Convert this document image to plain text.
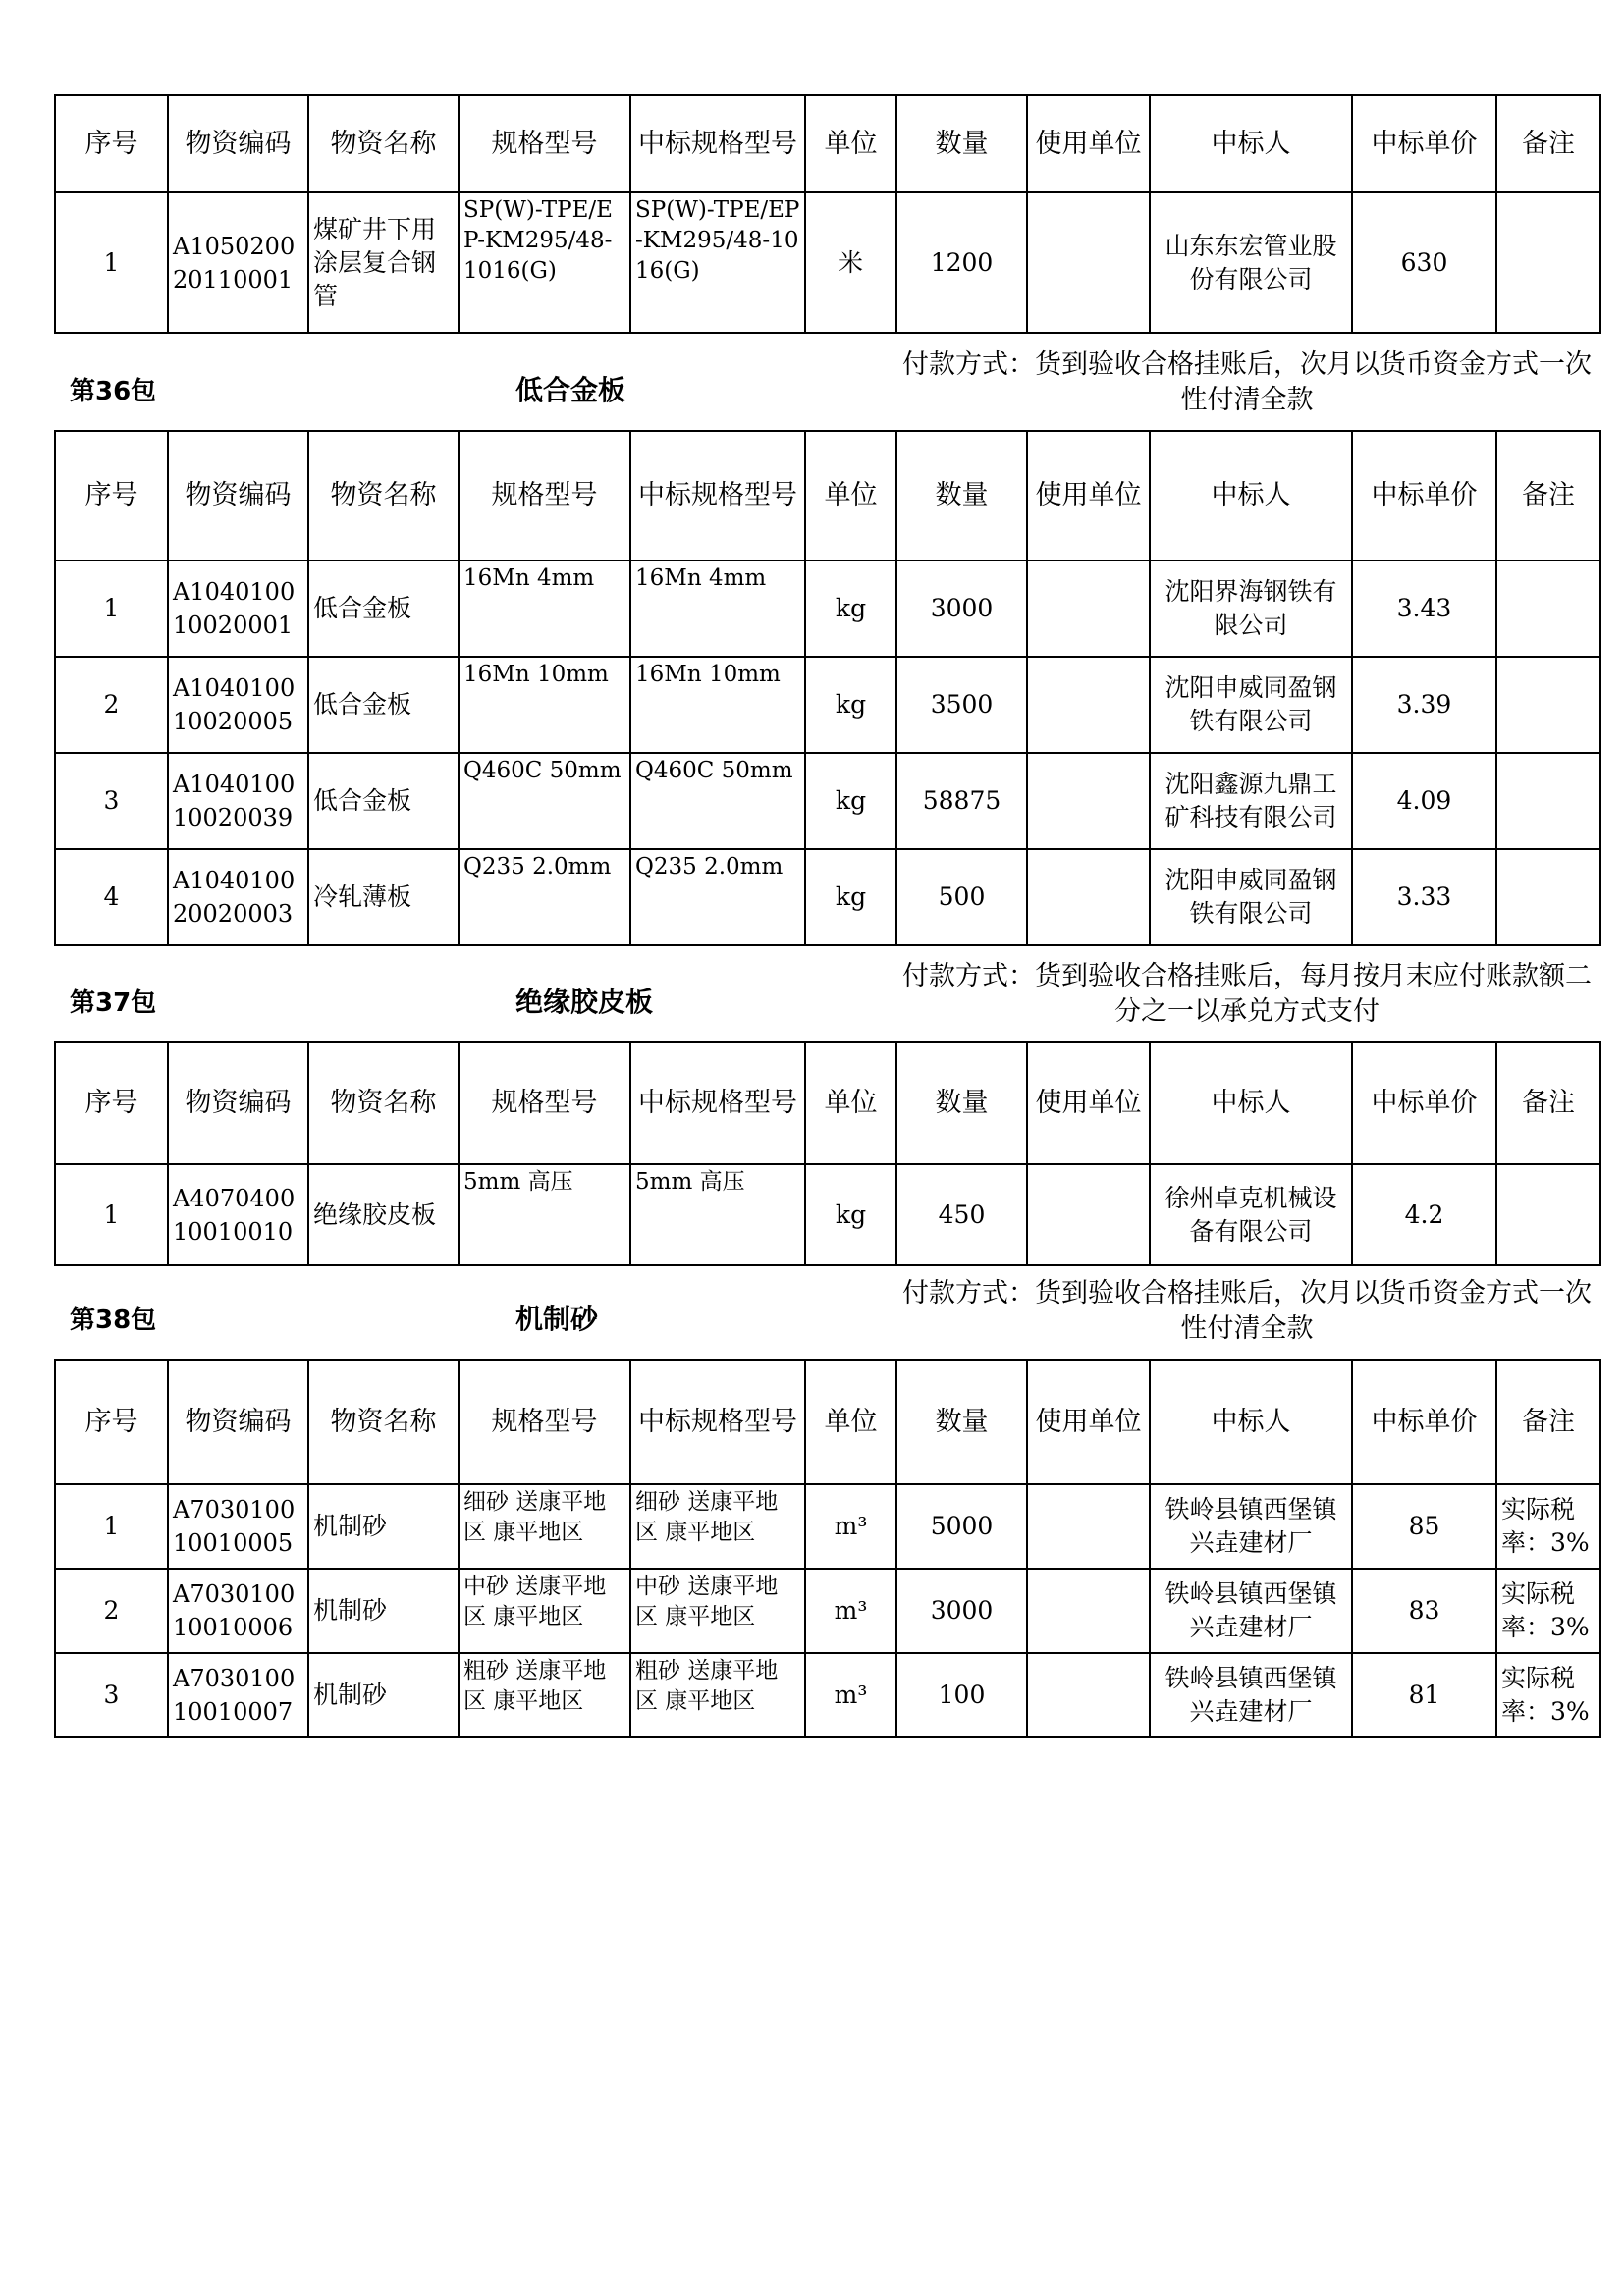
序号	物资编码	物资名称	规格型号	中标规格型号	单位	数量	使用单位	中标人	中标单价	备注
1	A105020020110001	煤矿井下用涂层复合钢管	SP(W)-TPE/EP-KM295/48-1016(G)	SP(W)-TPE/EP-KM295/48-1016(G)	米	1200		山东东宏管业股份有限公司	630	
第36包	低合金板
付款方式：货到验收合格挂账后，次月以货币资金方式一次性付清全款
序号	物资编码	物资名称	规格型号	中标规格型号	单位	数量	使用单位	中标人	中标单价	备注
1	A104010010020001	低合金板	16Mn 4mm	16Mn 4mm	kg	3000		沈阳界海钢铁有限公司	3.43	
2	A104010010020005	低合金板	16Mn 10mm	16Mn 10mm	kg	3500		沈阳申威同盈钢铁有限公司	3.39	
3	A104010010020039	低合金板	Q460C 50mm	Q460C 50mm	kg	58875		沈阳鑫源九鼎工矿科技有限公司	4.09	
4	A104010020020003	冷轧薄板	Q235 2.0mm	Q235 2.0mm	kg	500		沈阳申威同盈钢铁有限公司	3.33	
第37包	绝缘胶皮板
付款方式：货到验收合格挂账后，每月按月末应付账款额二分之一以承兑方式支付
序号	物资编码	物资名称	规格型号	中标规格型号	单位	数量	使用单位	中标人	中标单价	备注
1	A407040010010010	绝缘胶皮板	5mm 高压	5mm 高压	kg	450		徐州卓克机械设备有限公司	4.2	
第38包	机制砂
付款方式：货到验收合格挂账后，次月以货币资金方式一次性付清全款
序号	物资编码	物资名称	规格型号	中标规格型号	单位	数量	使用单位	中标人	中标单价	备注
1	A703010010010005	机制砂	细砂 送康平地区 康平地区	细砂 送康平地区 康平地区	m³	5000		铁岭县镇西堡镇兴垚建材厂	85	实际税率：3%
2	A703010010010006	机制砂	中砂 送康平地区 康平地区	中砂 送康平地区 康平地区	m³	3000		铁岭县镇西堡镇兴垚建材厂	83	实际税率：3%
3	A703010010010007	机制砂	粗砂 送康平地区 康平地区	粗砂 送康平地区 康平地区	m³	100		铁岭县镇西堡镇兴垚建材厂	81	实际税率：3%
